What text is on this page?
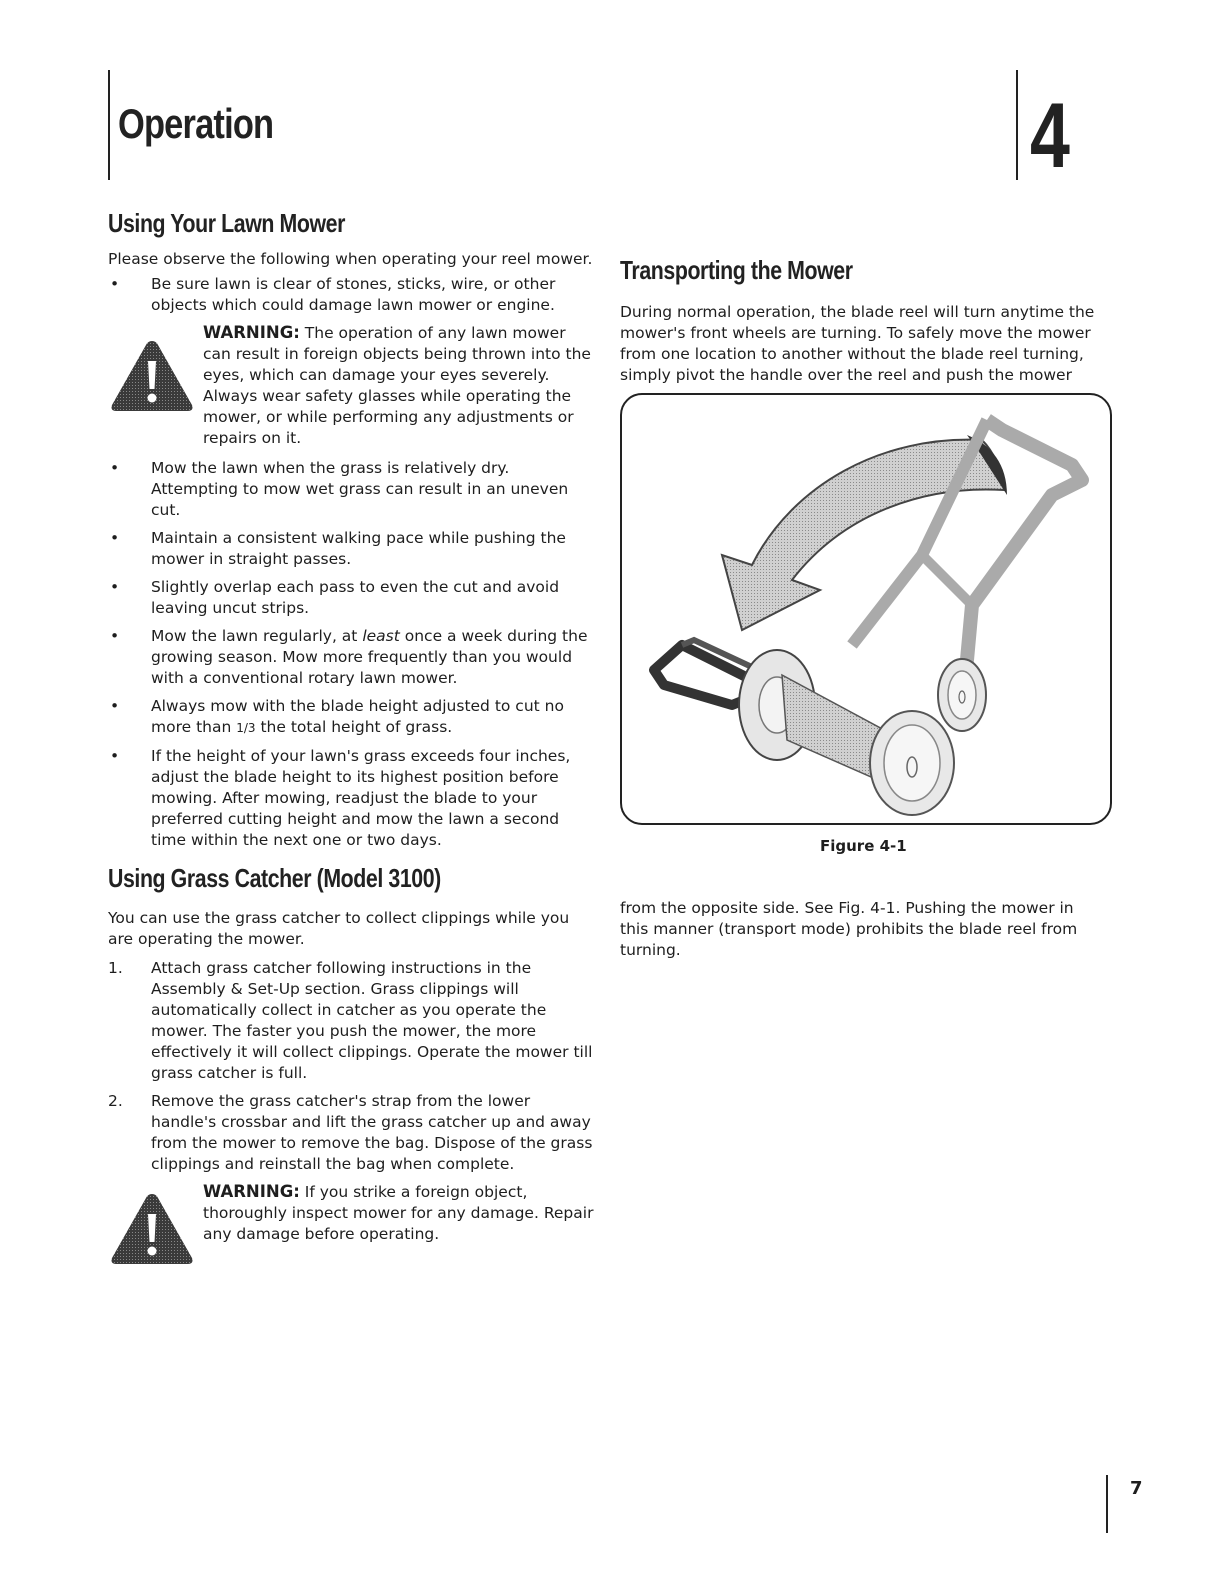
Operation	4
Using Your Lawn Mower

Please observe the following when operating your reel mower.

• Be sure lawn is clear of stones, sticks, wire, or other objects which could damage lawn mower or engine.
WARNING: The operation of any lawn mower can result in foreign objects being thrown into the eyes, which can damage your eyes severely. Always wear safety glasses while operating the mower, or while performing any adjustments or repairs on it.
• Mow the lawn when the grass is relatively dry. Attempting to mow wet grass can result in an uneven cut.
• Maintain a consistent walking pace while pushing the mower in straight passes.
• Slightly overlap each pass to even the cut and avoid leaving uncut strips.
• Mow the lawn regularly, at least once a week during the growing season. Mow more frequently than you would with a conventional rotary lawn mower.
• Always mow with the blade height adjusted to cut no more than 1/3 the total height of grass.
• If the height of your lawn's grass exceeds four inches, adjust the blade height to its highest position before mowing. After mowing, readjust the blade to your preferred cutting height and mow the lawn a second time within the next one or two days.
Using Grass Catcher (Model 3100)

You can use the grass catcher to collect clippings while you are operating the mower.

1. Attach grass catcher following instructions in the Assembly & Set-Up section. Grass clippings will automatically collect in catcher as you operate the mower. The faster you push the mower, the more effectively it will collect clippings. Operate the mower till grass catcher is full.
2. Remove the grass catcher's strap from the lower handle's crossbar and lift the grass catcher up and away from the mower to remove the bag. Dispose of the grass clippings and reinstall the bag when complete.
WARNING: If you strike a foreign object, thoroughly inspect mower for any damage. Repair any damage before operating.
Transporting the Mower

During normal operation, the blade reel will turn anytime the mower's front wheels are turning. To safely move the mower from one location to another without the blade reel turning, simply pivot the handle over the reel and push the mower

Figure 4-1

from the opposite side. See Fig. 4-1. Pushing the mower in this manner (transport mode) prohibits the blade reel from turning.

7
